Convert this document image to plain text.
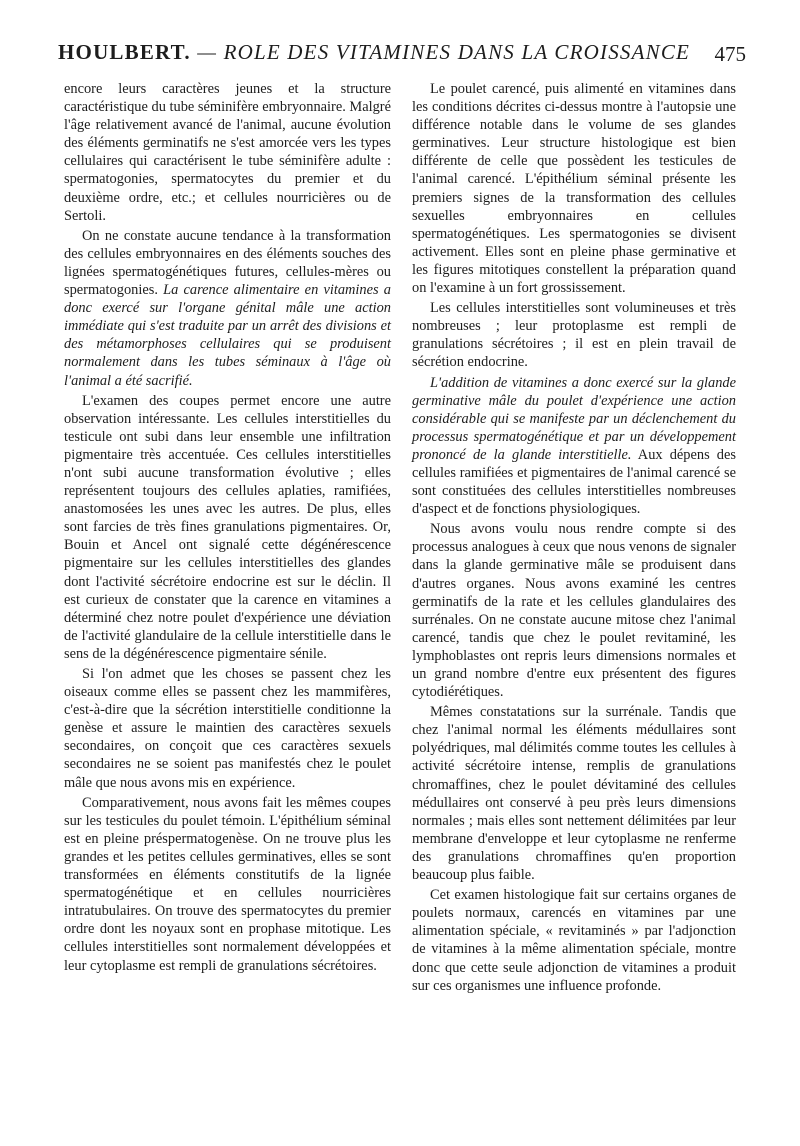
HOULBERT. — ROLE DES VITAMINES DANS LA CROISSANCE 475

encore leurs caractères jeunes et la structure caractéristique du tube séminifère embryonnaire. Malgré l'âge relativement avancé de l'animal, aucune évolution des éléments germinatifs ne s'est amorcée vers les types cellulaires qui caractérisent le tube séminifère adulte : spermatogonies, spermatocytes du premier et du deuxième ordre, etc.; et cellules nourricières ou de Sertoli.

On ne constate aucune tendance à la transformation des cellules embryonnaires en des éléments souches des lignées spermatogénétiques futures, cellules-mères ou spermatogonies. La carence alimentaire en vitamines a donc exercé sur l'organe génital mâle une action immédiate qui s'est traduite par un arrêt des divisions et des métamorphoses cellulaires qui se produisent normalement dans les tubes séminaux à l'âge où l'animal a été sacrifié.

L'examen des coupes permet encore une autre observation intéressante. Les cellules interstitielles du testicule ont subi dans leur ensemble une infiltration pigmentaire très accentuée. Ces cellules interstitielles n'ont subi aucune transformation évolutive ; elles représentent toujours des cellules aplaties, ramifiées, anastomosées les unes avec les autres. De plus, elles sont farcies de très fines granulations pigmentaires. Or, Bouin et Ancel ont signalé cette dégénérescence pigmentaire sur les cellules interstitielles des glandes dont l'activité sécrétoire endocrine est sur le déclin. Il est curieux de constater que la carence en vitamines a déterminé chez notre poulet d'expérience une déviation de l'activité glandulaire de la cellule interstitielle dans le sens de la dégénérescence pigmentaire sénile.

Si l'on admet que les choses se passent chez les oiseaux comme elles se passent chez les mammifères, c'est-à-dire que la sécrétion interstitielle conditionne la genèse et assure le maintien des caractères sexuels secondaires, on conçoit que ces caractères sexuels secondaires ne se soient pas manifestés chez le poulet mâle que nous avons mis en expérience.

Comparativement, nous avons fait les mêmes coupes sur les testicules du poulet témoin. L'épithélium séminal est en pleine préspermatogenèse. On ne trouve plus les grandes et les petites cellules germinatives, elles se sont transformées en éléments constitutifs de la lignée spermatogénétique et en cellules nourricières intratubulaires. On trouve des spermatocytes du premier ordre dont les noyaux sont en prophase mitotique. Les cellules interstitielles sont normalement développées et leur cytoplasme est rempli de granulations sécrétoires.

Le poulet carencé, puis alimenté en vitamines dans les conditions décrites ci-dessus montre à l'autopsie une différence notable dans le volume de ses glandes germinatives. Leur structure histologique est bien différente de celle que possèdent les testicules de l'animal carencé. L'épithélium séminal présente les premiers signes de la transformation des cellules sexuelles embryonnaires en cellules spermatogénétiques. Les spermatogonies se divisent activement. Elles sont en pleine phase germinative et les figures mitotiques constellent la préparation quand on l'examine à un fort grossissement.

Les cellules interstitielles sont volumineuses et très nombreuses ; leur protoplasme est rempli de granulations sécrétoires ; il est en plein travail de sécrétion endocrine.

L'addition de vitamines a donc exercé sur la glande germinative mâle du poulet d'expérience une action considérable qui se manifeste par un déclenchement du processus spermatogénétique et par un développement prononcé de la glande interstitielle. Aux dépens des cellules ramifiées et pigmentaires de l'animal carencé se sont constituées des cellules interstitielles nombreuses d'aspect et de fonctions physiologiques.

Nous avons voulu nous rendre compte si des processus analogues à ceux que nous venons de signaler dans la glande germinative mâle se produisent dans d'autres organes. Nous avons examiné les centres germinatifs de la rate et les cellules glandulaires des surrénales. On ne constate aucune mitose chez l'animal carencé, tandis que chez le poulet revitaminé, les lymphoblastes ont repris leurs dimensions normales et un grand nombre d'entre eux présentent des figures cytodiérétiques.

Mêmes constatations sur la surrénale. Tandis que chez l'animal normal les éléments médullaires sont polyédriques, mal délimités comme toutes les cellules à activité sécrétoire intense, remplis de granulations chromaffines, chez le poulet dévitaminé des cellules médullaires ont conservé à peu près leurs dimensions normales ; mais elles sont nettement délimitées par leur membrane d'enveloppe et leur cytoplasme ne renferme des granulations chromaffines qu'en proportion beaucoup plus faible.

Cet examen histologique fait sur certains organes de poulets normaux, carencés en vitamines par une alimentation spéciale, « revitaminés » par l'adjonction de vitamines à la même alimentation spéciale, montre donc que cette seule adjonction de vitamines a produit sur ces organismes une influence profonde.
